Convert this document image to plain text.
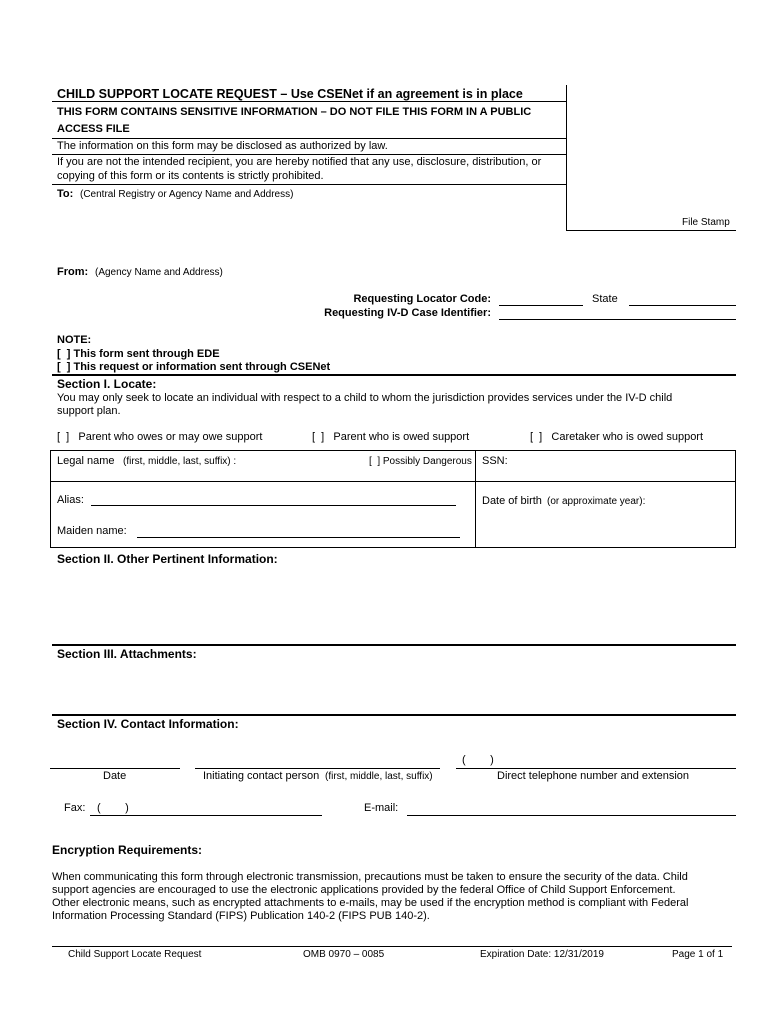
CHILD SUPPORT LOCATE REQUEST – Use CSENet if an agreement is in place
THIS FORM CONTAINS SENSITIVE INFORMATION – DO NOT FILE THIS FORM IN A PUBLIC
ACCESS FILE
The information on this form may be disclosed as authorized by law.
If you are not the intended recipient, you are hereby notified that any use, disclosure, distribution, or
copying of this form or its contents is strictly prohibited.
To: (Central Registry or Agency Name and Address)
File Stamp
From: (Agency Name and Address)
Requesting Locator Code:	State
Requesting IV-D Case Identifier:
NOTE:
[  ] This form sent through EDE
[  ] This request or information sent through CSENet
Section I. Locate:
You may only seek to locate an individual with respect to a child to whom the jurisdiction provides services under the IV-D child
support plan.
[  ]   Parent who owes or may owe support	[  ]   Parent who is owed support	[  ]   Caretaker who is owed support
Legal name (first, middle, last, suffix) :	[  ] Possibly Dangerous SSN:
Alias:	Date of birth (or approximate year):
Maiden name:
Section II. Other Pertinent Information:
Section III. Attachments:
Section IV. Contact Information:
(        )
Date	Initiating contact person (first, middle, last, suffix)	Direct telephone number and extension
Fax: (        )	E-mail:
Encryption Requirements:
When communicating this form through electronic transmission, precautions must be taken to ensure the security of the data. Child
support agencies are encouraged to use the electronic applications provided by the federal Office of Child Support Enforcement.
Other electronic means, such as encrypted attachments to e-mails, may be used if the encryption method is compliant with Federal
Information Processing Standard (FIPS) Publication 140-2 (FIPS PUB 140-2).
Child Support Locate Request	OMB 0970 – 0085	Expiration Date: 12/31/2019	Page 1 of 1
